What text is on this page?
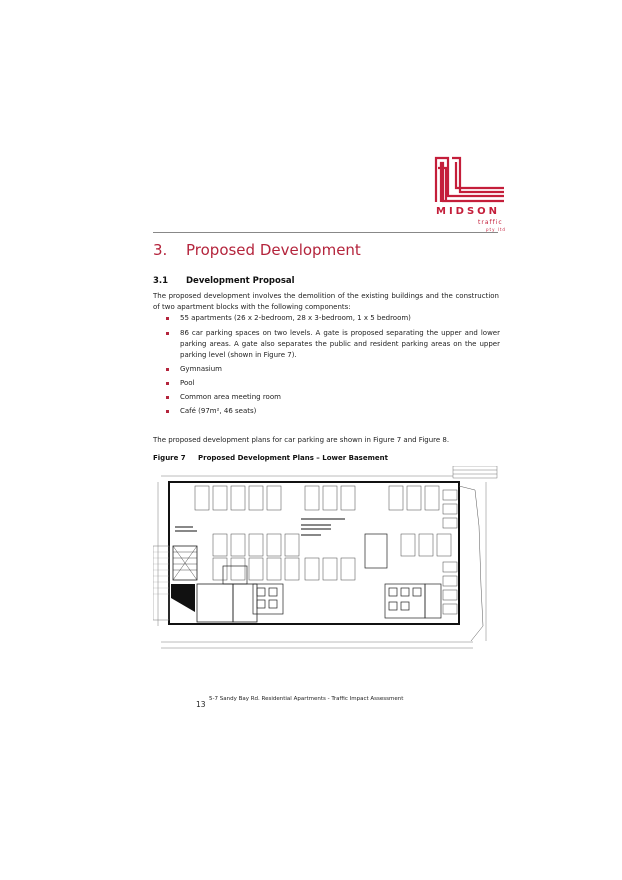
MIDSON
traffic
pty ltd
3. Proposed Development
3.1 Development Proposal
The proposed development involves the demolition of the existing buildings and the construction of two apartment blocks with the following components:
55 apartments (26 x 2-bedroom, 28 x 3-bedroom, 1 x 5 bedroom)
86 car parking spaces on two levels. A gate is proposed separating the upper and lower parking areas. A gate also separates the public and resident parking areas on the upper parking level (shown in Figure 7).
Gymnasium
Pool
Common area meeting room
Café (97m², 46 seats)
The proposed development plans for car parking are shown in Figure 7 and Figure 8.
Figure 7 Proposed Development Plans – Lower Basement
5-7 Sandy Bay Rd. Residential Apartments - Traffic Impact Assessment
13
